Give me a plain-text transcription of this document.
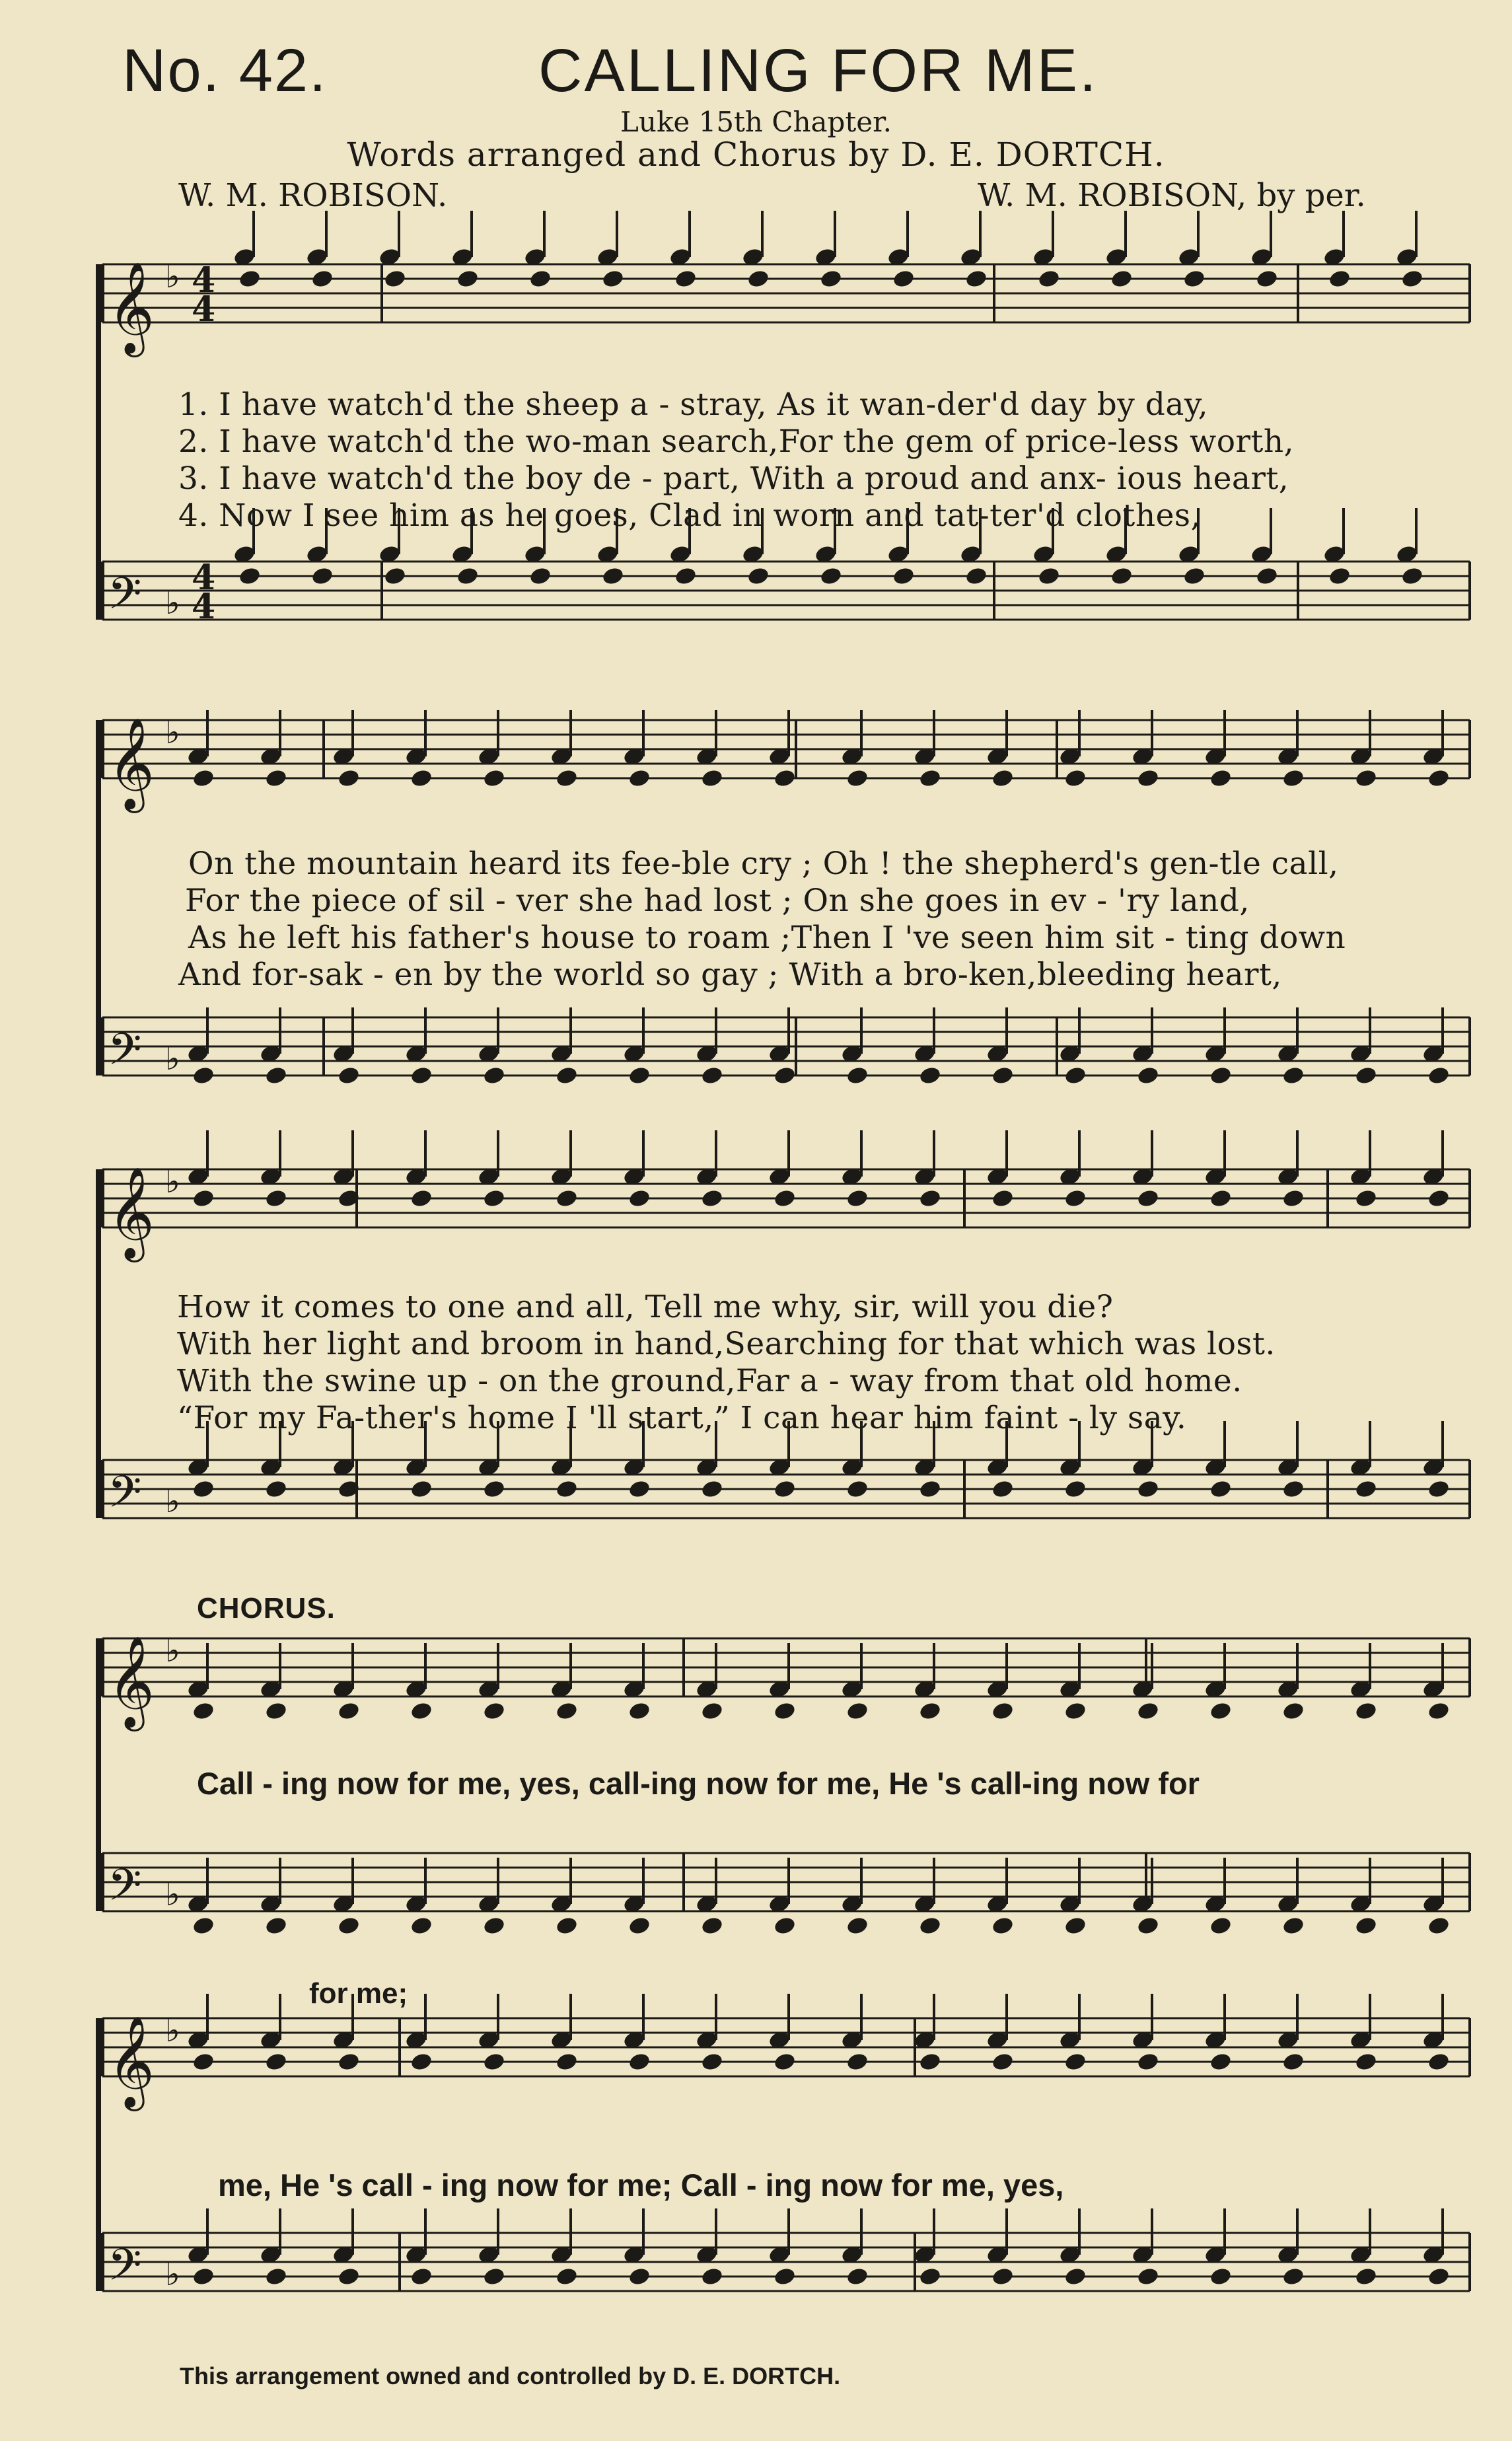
No. 42.	CALLING FOR ME.
Luke 15th Chapter.
Words arranged and Chorus by D. E. DORTCH.
W. M. ROBISON.	W. M. ROBISON, by per.
𝄞 ♭
𝄢 ♭
𝄞 ♭
𝄢 ♭
𝄞 ♭
𝄢 ♭
𝄞 ♭
𝄢 ♭
𝄞 ♭
𝄢 ♭
4
4
4
4
1. I have watch'd the sheep a - stray, As it wan-der'd day by day,
2. I have watch'd the wo-man search,For the gem of price-less worth,
3. I have watch'd the boy de - part, With a proud and anx- ious heart,
4. Now I see him as he goes, Clad in worn and tat-ter'd clothes,
On the mountain heard its fee-ble cry ; Oh ! the shepherd's gen-tle call,
For the piece of sil - ver she had lost ; On she goes in ev - 'ry land,
As he left his father's house to roam ;Then I 've seen him sit - ting down
And for-sak - en by the world so gay ; With a bro-ken,bleeding heart,
How it comes to one and all, Tell me why, sir, will you die?
With her light and broom in hand,Searching for that which was lost.
With the swine up - on the ground,Far a - way from that old home.
“For my Fa-ther's home I 'll start,” I can hear him faint - ly say.
CHORUS.
Call - ing now for me, yes, call-ing now for me, He 's call-ing now for
for me;
me, He 's call - ing now for me; Call - ing now for me, yes,
This arrangement owned and controlled by D. E. DORTCH.
